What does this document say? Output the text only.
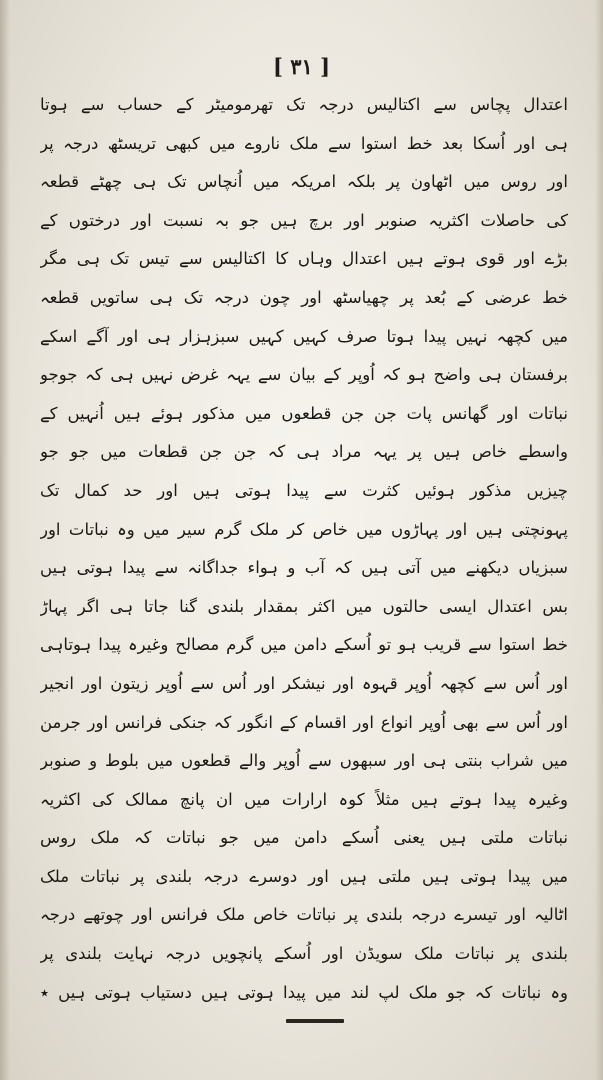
[ ٣١ ]
اعتدال پچاس سے اکتالیس درجہ تک تھرمومیٹر کے حساب سے ہوتا
ہی اور اُسکا بعد خط استوا سے ملک ناروے میں کبھی تریسٹھ درجہ پر
اور روس میں اٹھاون پر بلکہ امریکہ میں اُنچاس تک ہی چھٹے قطعہ
کی حاصلات اکثریہ صنوبر اور برچ ہیں جو بہ نسبت اور درختوں کے
بڑے اور قوی ہوتے ہیں اعتدال وہاں کا اکتالیس سے تیس تک ہی مگر
خط عرضی کے بُعد پر چھیاسٹھ اور چون درجہ تک ہی ساتویں قطعہ
میں کچھہ نہیں پیدا ہوتا صرف کہیں کہیں سبزہزار ہی اور آگے اسکے
برفستان ہی واضح ہو کہ اُوپر کے بیان سے یہہ غرض نہیں ہی کہ جوجو
نباتات اور گھانس پات جن جن قطعوں میں مذکور ہوئے ہیں اُنہیں کے
واسطے خاص ہیں پر یہہ مراد ہی کہ جن جن قطعات میں جو جو
چیزیں مذکور ہوئیں کثرت سے پیدا ہوتی ہیں اور حد کمال تک
پہونچتی ہیں اور پہاڑوں میں خاص کر ملک گرم سیر میں وہ نباتات اور
سبزیاں دیکھنے میں آتی ہیں کہ آب و ہواء جداگانہ سے پیدا ہوتی ہیں
بس اعتدال ایسی حالتوں میں اکثر بمقدار بلندی گنا جاتا ہی اگر پہاڑ
خط استوا سے قریب ہو تو اُسکے دامن میں گرم مصالح وغیرہ پیدا ہوتاہی
اور اُس سے کچھہ اُوپر قہوہ اور نیشکر اور اُس سے اُوپر زیتون اور انجیر
اور اُس سے بھی اُوپر انواع اور اقسام کے انگور کہ جنکی فرانس اور جرمن
میں شراب بنتی ہی اور سبھوں سے اُوپر والے قطعوں میں بلوط و صنوبر
وغیرہ پیدا ہوتے ہیں مثلاً کوہ ارارات میں ان پانچ ممالک کی اکثریہ
نباتات ملتی ہیں یعنی اُسکے دامن میں جو نباتات کہ ملک روس
میں پیدا ہوتی ہیں ملتی ہیں اور دوسرے درجہ بلندی پر نباتات ملک
اٹالیہ اور تیسرے درجہ بلندی پر نباتات خاص ملک فرانس اور چوتھے درجہ
بلندی پر نباتات ملک سویڈن اور اُسکے پانچویں درجہ نہایت بلندی پر
وہ نباتات کہ جو ملک لپ لند میں پیدا ہوتی ہیں دستیاب ہوتی ہیں ٭
